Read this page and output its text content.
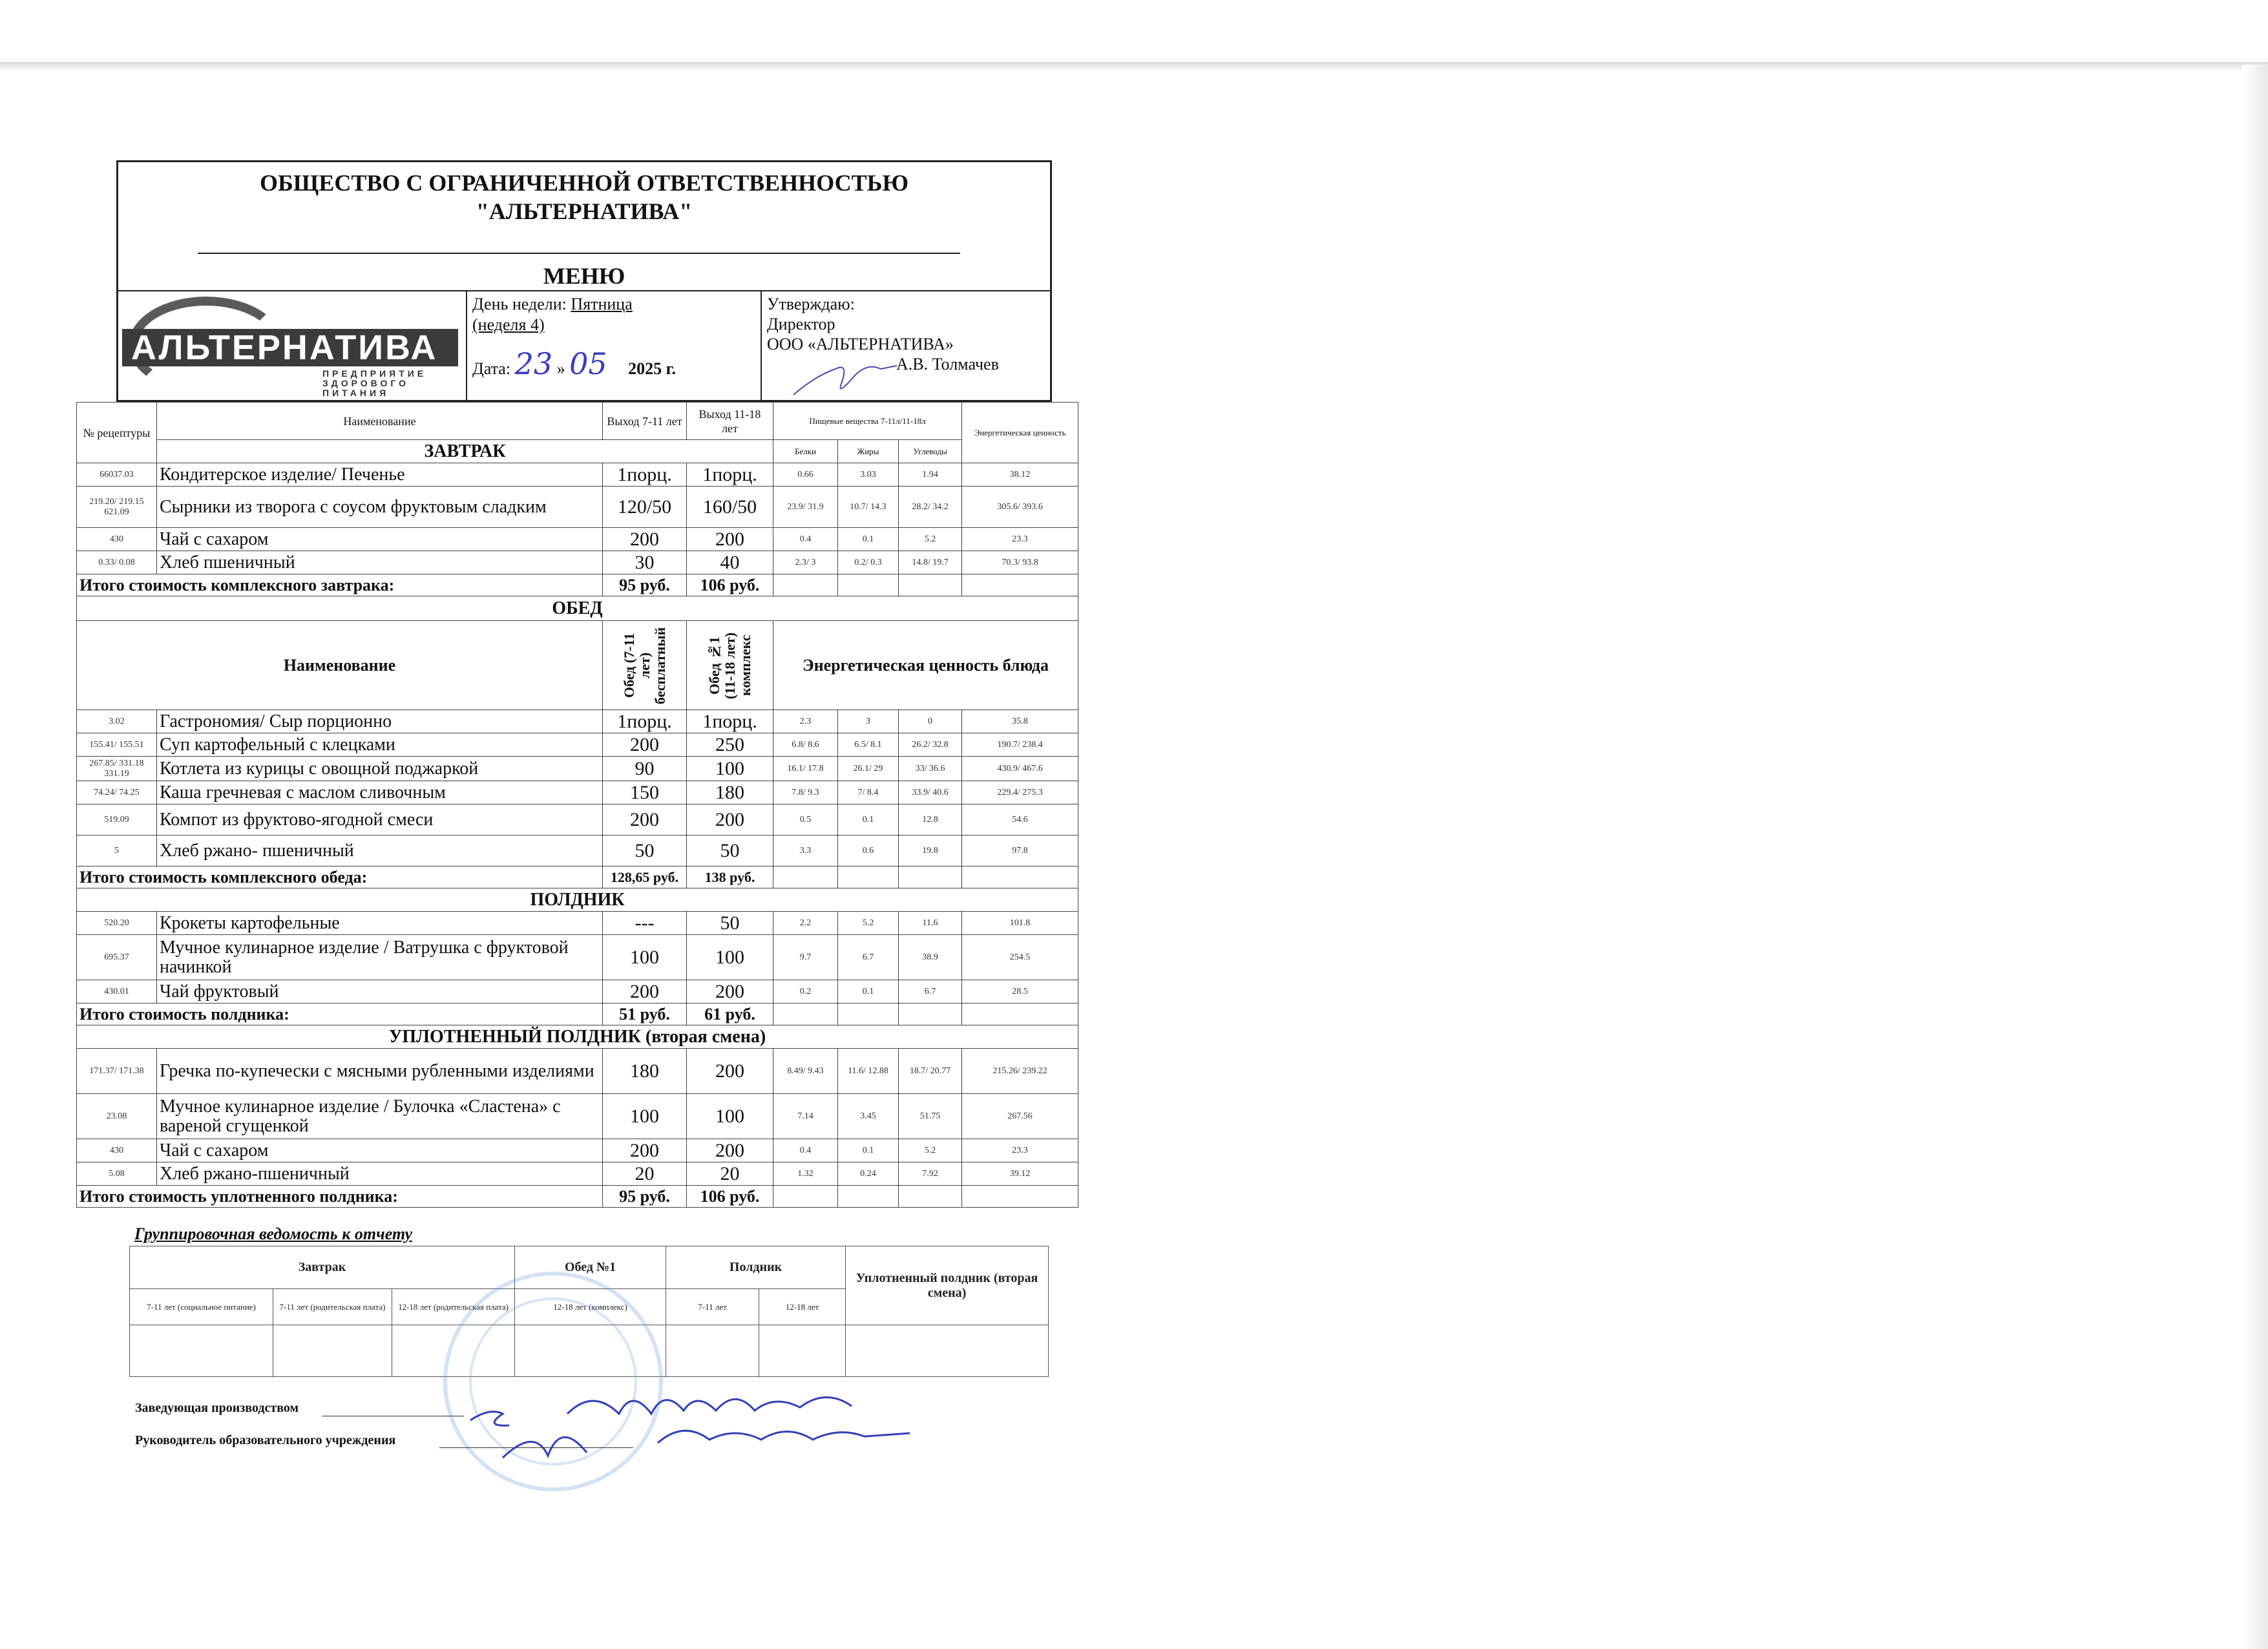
ОБЩЕСТВО С ОГРАНИЧЕННОЙ ОТВЕТСТВЕННОСТЬЮ
"АЛЬТЕРНАТИВА"
МЕНЮ
АЛЬТЕРНАТИВА
ПРЕДПРИЯТИЕ ЗДОРОВОГО ПИТАНИЯ
День недели: Пятница
(неделя 4)
Дата: 23 » 05 2025 г.
Утверждаю:
Директор
ООО «АЛЬТЕРНАТИВА»
А.В. Толмачев
№ рецептуры	Наименование	Выход 7-11 лет	Выход 11-18 лет	Пищевые вещества 7-11л/11-18л			Энергетическая ценность
	ЗАВТРАК			Белки	Жиры	Углеводы	
66037.03	Кондитерское изделие/ Печенье	1порц.	1порц.	0.66	3.03	1.94	38.12
219.20/ 219.15 621.09	Сырники из творога с соусом фруктовым сладким	120/50	160/50	23.9/ 31.9	10.7/ 14.3	28.2/ 34.2	305.6/ 393.6
430	Чай с сахаром	200	200	0.4	0.1	5.2	23.3
0.33/ 0.08	Хлеб пшеничный	30	40	2.3/ 3	0.2/ 0.3	14.8/ 19.7	70.3/ 93.8
Итого стоимость комплексного завтрака:		95 руб.	106 руб.				
ОБЕД							
Наименование		Обед (7-11 лет) бесплатный	Обед №1 (11-18 лет) комплекс	Энергетическая ценность блюда			
3.02	Гастрономия/ Сыр порционно	1порц.	1порц.	2.3	3	0	35.8
155.41/ 155.51	Суп картофельный с клецками	200	250	6.8/ 8.6	6.5/ 8.1	26.2/ 32.8	190.7/ 238.4
267.85/ 331.18 331.19	Котлета из курицы с овощной поджаркой	90	100	16.1/ 17.8	26.1/ 29	33/ 36.6	430.9/ 467.6
74.24/ 74.25	Каша гречневая с маслом сливочным	150	180	7.8/ 9.3	7/ 8.4	33.9/ 40.6	229.4/ 275.3
519.09	Компот из фруктово-ягодной смеси	200	200	0.5	0.1	12.8	54.6
5	Хлеб ржано- пшеничный	50	50	3.3	0.6	19.8	97.8
Итого стоимость комплексного обеда:		128,65 руб.	138 руб.				
ПОЛДНИК							
520.20	Крокеты картофельные	---	50	2.2	5.2	11.6	101.8
695.37	Мучное кулинарное изделие / Ватрушка с фруктовой начинкой	100	100	9.7	6.7	38.9	254.5
430.01	Чай фруктовый	200	200	0.2	0.1	6.7	28.5
Итого стоимость полдника:		51 руб.	61 руб.				
УПЛОТНЕННЫЙ ПОЛДНИК (вторая смена)							
171.37/ 171.38	Гречка по-купечески с мясными рубленными изделиями	180	200	8.49/ 9.43	11.6/ 12.88	18.7/ 20.77	215.26/ 239.22
23.08	Мучное кулинарное изделие / Булочка «Сластена» с вареной сгущенкой	100	100	7.14	3.45	51.75	267.56
430	Чай с сахаром	200	200	0.4	0.1	5.2	23.3
5.08	Хлеб ржано-пшеничный	20	20	1.32	0.24	7.92	39.12
Итого стоимость уплотненного полдника:		95 руб.	106 руб.				
Группировочная ведомость к отчету
Завтрак			Обед №1	Полдник		Уплотненный полдник (вторая смена)
7-11 лет (социальное питание)	7-11 лет (родительская плата)	12-18 лет (родительская плата)	12-18 лет (комплекс)	7-11 лет	12-18 лет	

Заведующая производством
Руководитель образовательного учреждения
